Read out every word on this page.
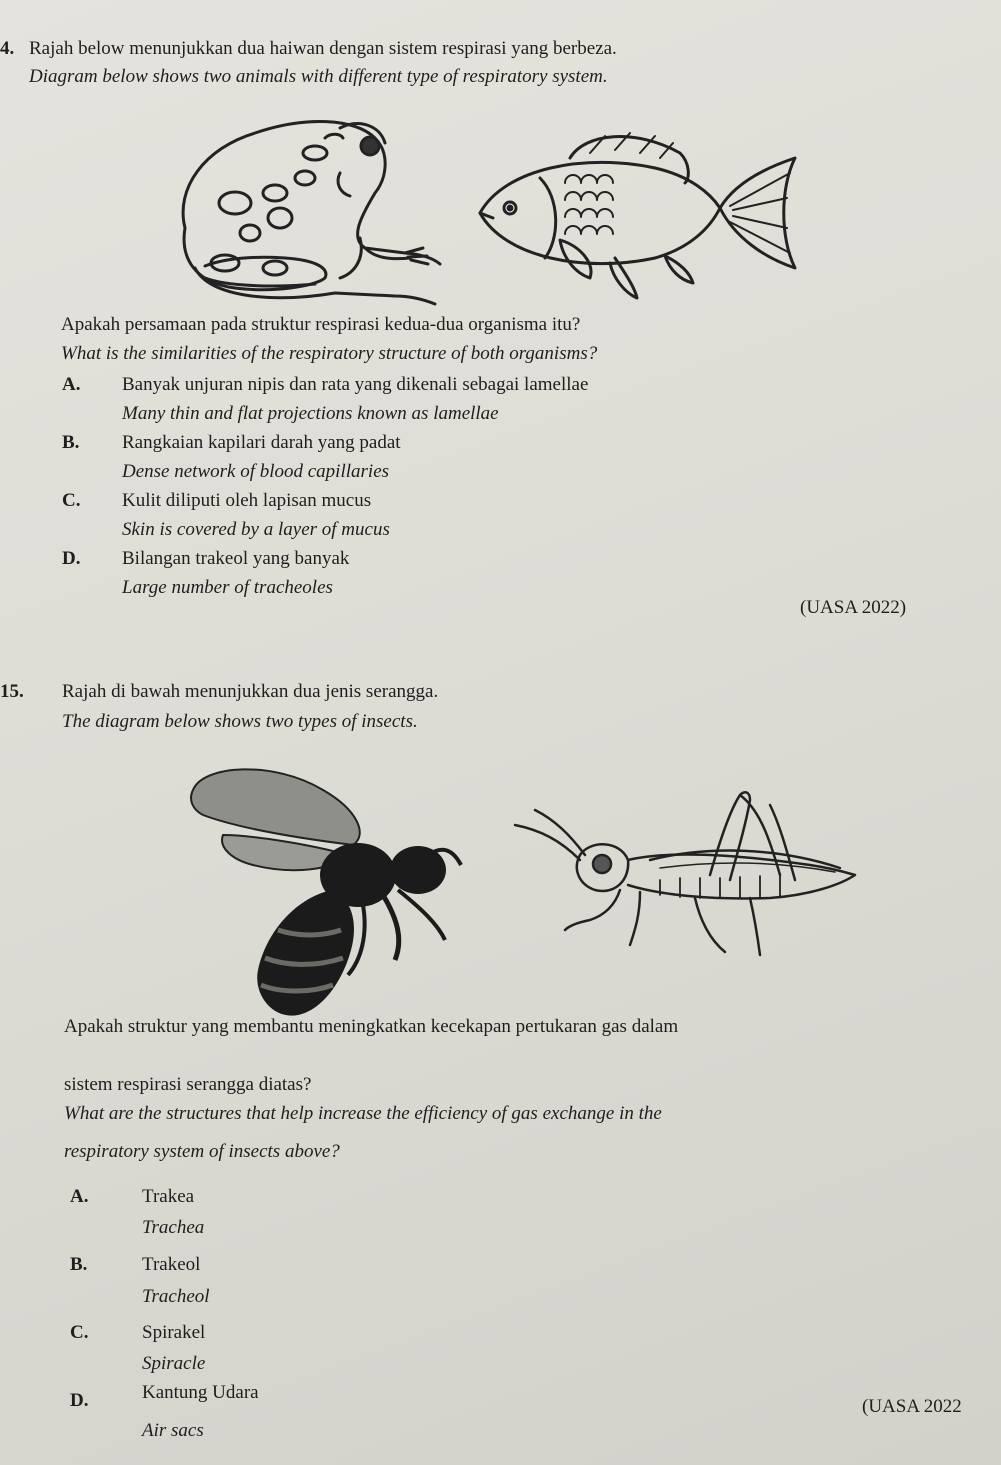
4. Rajah below menunjukkan dua haiwan dengan sistem respirasi yang berbeza.
Diagram below shows two animals with different type of respiratory system.
Apakah persamaan pada struktur respirasi kedua-dua organisma itu?
What is the similarities of the respiratory structure of both organisms?
A. Banyak unjuran nipis dan rata yang dikenali sebagai lamellae
Many thin and flat projections known as lamellae
B. Rangkaian kapilari darah yang padat
Dense network of blood capillaries
C. Kulit diliputi oleh lapisan mucus
Skin is covered by a layer of mucus
D. Bilangan trakeol yang banyak
Large number of tracheoles
(UASA 2022)
15. Rajah di bawah menunjukkan dua jenis serangga.
The diagram below shows two types of insects.
Apakah struktur yang membantu meningkatkan kecekapan pertukaran gas dalam
sistem respirasi serangga diatas?
What are the structures that help increase the efficiency of gas exchange in the
respiratory system of insects above?
A.	Trakea
Trachea
B.	Trakeol
Tracheol
C.	Spirakel
Spiracle
D.	Kantung Udara
Air sacs
(UASA 2022
